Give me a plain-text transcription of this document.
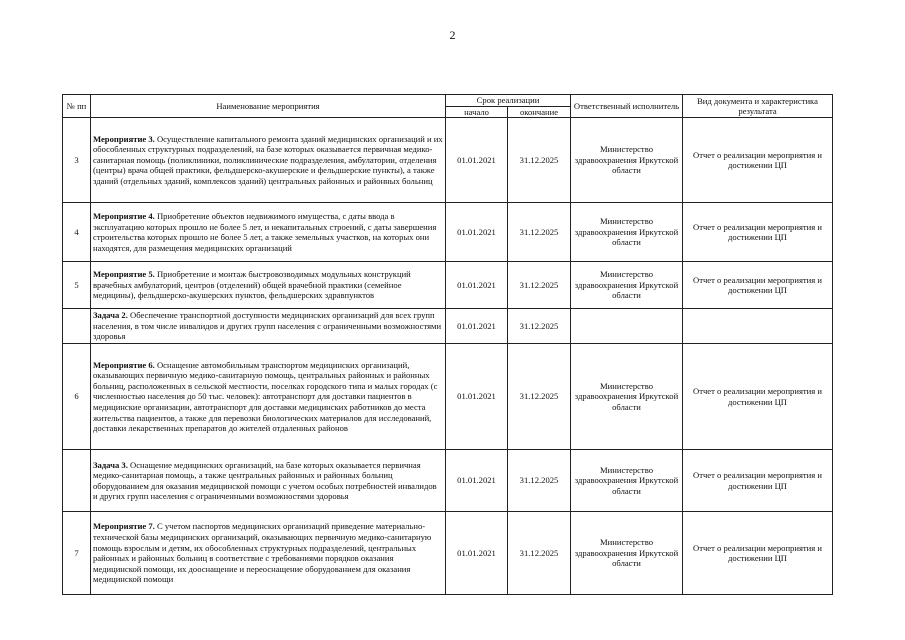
2
№ пп	Наименование мероприятия	Срок реализации		Ответственный исполнитель	Вид документа и характеристика результата
		начало	окончание		
3	Мероприятие 3. Осуществление капитального ремонта зданий медицинских организаций и их обособленных структурных подразделений, на базе которых оказывается первичная медико-санитарная помощь (поликлиники, поликлинические подразделения, амбулатории, отделения (центры) врача общей практики, фельдшерско-акушерские и фельдшерские пункты), а также зданий (отдельных зданий, комплексов зданий) центральных районных и районных больниц	01.01.2021	31.12.2025	Министерство здравоохранения Иркутской области	Отчет о реализации мероприятия и достижении ЦП
4	Мероприятие 4. Приобретение объектов недвижимого имущества, с даты ввода в эксплуатацию которых прошло не более 5 лет, и некапитальных строений, с даты завершения строительства которых прошло не более 5 лет, а также земельных участков, на которых они находятся, для размещения медицинских организаций	01.01.2021	31.12.2025	Министерство здравоохранения Иркутской области	Отчет о реализации мероприятия и достижении ЦП
5	Мероприятие 5. Приобретение и монтаж быстровозводимых модульных конструкций врачебных амбулаторий, центров (отделений) общей врачебной практики (семейное медицины), фельдшерско-акушерских пунктов, фельдшерских здравпунктов	01.01.2021	31.12.2025	Министерство здравоохранения Иркутской области	Отчет о реализации мероприятия и достижении ЦП
	Задача 2. Обеспечение транспортной доступности медицинских организаций для всех групп населения, в том числе инвалидов и других групп населения с ограниченными возможностями здоровья	01.01.2021	31.12.2025		
6	Мероприятие 6. Оснащение автомобильным транспортом медицинских организаций, оказывающих первичную медико-санитарную помощь, центральных районных и районных больниц, расположенных в сельской местности, поселках городского типа и малых городах (с численностью населения до 50 тыс. человек): автотранспорт для доставки пациентов в медицинские организации, автотранспорт для доставки медицинских работников до места жительства пациентов, а также для перевозки биологических материалов для исследований, доставки лекарственных препаратов до жителей отдаленных районов	01.01.2021	31.12.2025	Министерство здравоохранения Иркутской области	Отчет о реализации мероприятия и достижении ЦП
	Задача 3. Оснащение медицинских организаций, на базе которых оказывается первичная медико-санитарная помощь, а также центральных районных и районных больниц оборудованием для оказания медицинской помощи с учетом особых потребностей инвалидов и других групп населения с ограниченными возможностями здоровья	01.01.2021	31.12.2025	Министерство здравоохранения Иркутской области	Отчет о реализации мероприятия и достижении ЦП
7	Мероприятие 7. С учетом паспортов медицинских организаций приведение материально-технической базы медицинских организаций, оказывающих первичную медико-санитарную помощь взрослым и детям, их обособленных структурных подразделений, центральных районных и районных больниц в соответствие с требованиями порядков оказания медицинской помощи, их дооснащение и переоснащение оборудованием для оказания медицинской помощи	01.01.2021	31.12.2025	Министерство здравоохранения Иркутской области	Отчет о реализации мероприятия и достижении ЦП
